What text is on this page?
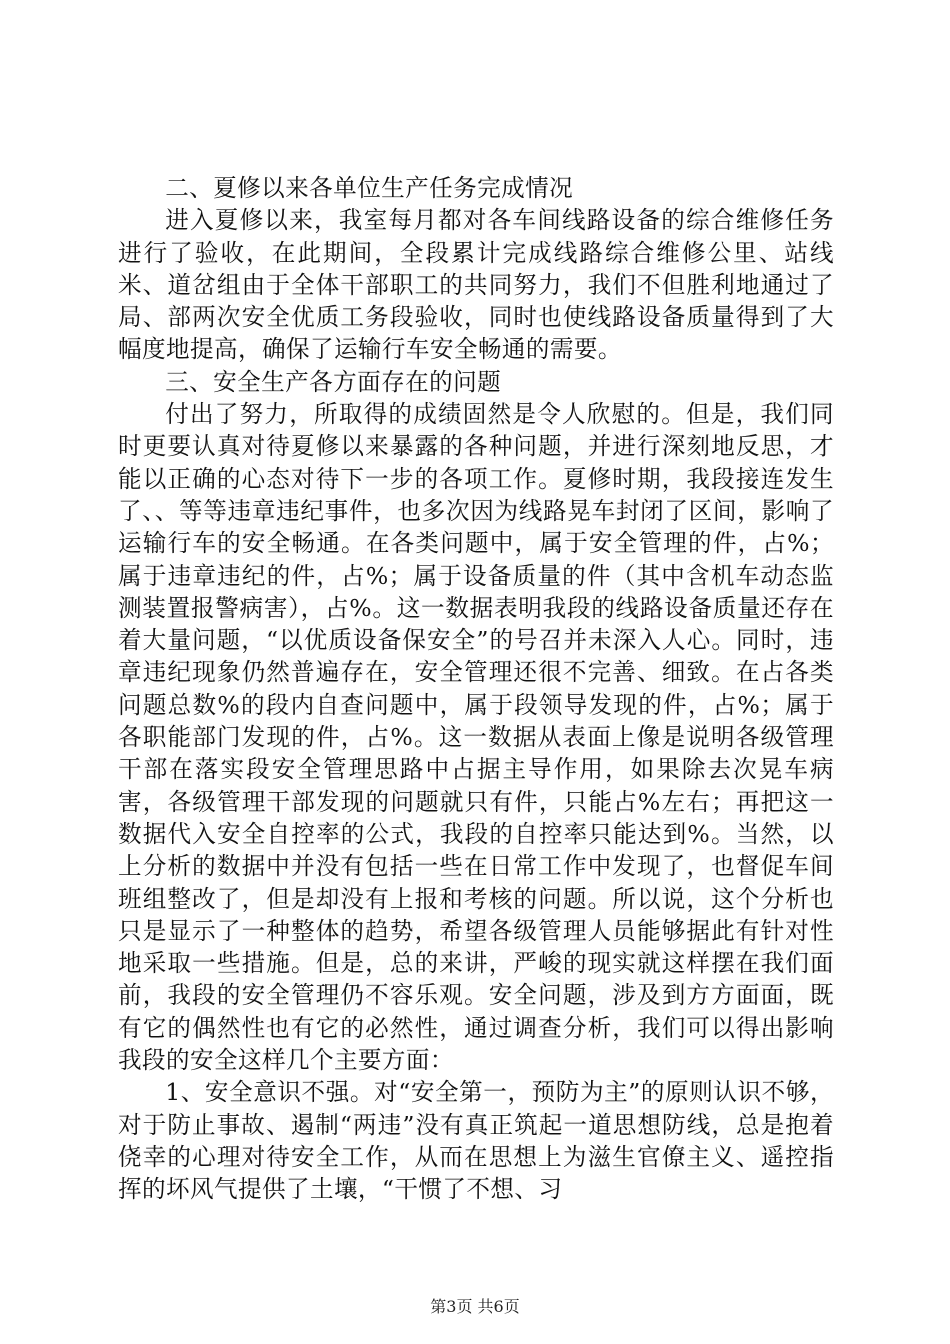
二、夏修以来各单位生产任务完成情况

进入夏修以来，我室每月都对各车间线路设备的综合维修任务进行了验收，在此期间，全段累计完成线路综合维修公里、站线米、道岔组由于全体干部职工的共同努力，我们不但胜利地通过了局、部两次安全优质工务段验收，同时也使线路设备质量得到了大幅度地提高，确保了运输行车安全畅通的需要。

三、安全生产各方面存在的问题

付出了努力，所取得的成绩固然是令人欣慰的。但是，我们同时更要认真对待夏修以来暴露的各种问题，并进行深刻地反思，才能以正确的心态对待下一步的各项工作。夏修时期，我段接连发生了、、等等违章违纪事件，也多次因为线路晃车封闭了区间，影响了运输行车的安全畅通。在各类问题中，属于安全管理的件，占%；属于违章违纪的件，占%；属于设备质量的件（其中含机车动态监测装置报警病害），占%。这一数据表明我段的线路设备质量还存在着大量问题，“以优质设备保安全”的号召并未深入人心。同时，违章违纪现象仍然普遍存在，安全管理还很不完善、细致。在占各类问题总数%的段内自查问题中，属于段领导发现的件，占%；属于各职能部门发现的件，占%。这一数据从表面上像是说明各级管理干部在落实段安全管理思路中占据主导作用，如果除去次晃车病害，各级管理干部发现的问题就只有件，只能占%左右；再把这一数据代入安全自控率的公式，我段的自控率只能达到%。当然，以上分析的数据中并没有包括一些在日常工作中发现了，也督促车间班组整改了，但是却没有上报和考核的问题。所以说，这个分析也只是显示了一种整体的趋势，希望各级管理人员能够据此有针对性地采取一些措施。但是，总的来讲，严峻的现实就这样摆在我们面前，我段的安全管理仍不容乐观。安全问题，涉及到方方面面，既有它的偶然性也有它的必然性，通过调查分析，我们可以得出影响我段的安全这样几个主要方面：

1、安全意识不强。对“安全第一，预防为主”的原则认识不够，对于防止事故、遏制“两违”没有真正筑起一道思想防线，总是抱着侥幸的心理对待安全工作，从而在思想上为滋生官僚主义、遥控指挥的坏风气提供了土壤，“干惯了不想、习

第3页 共6页
